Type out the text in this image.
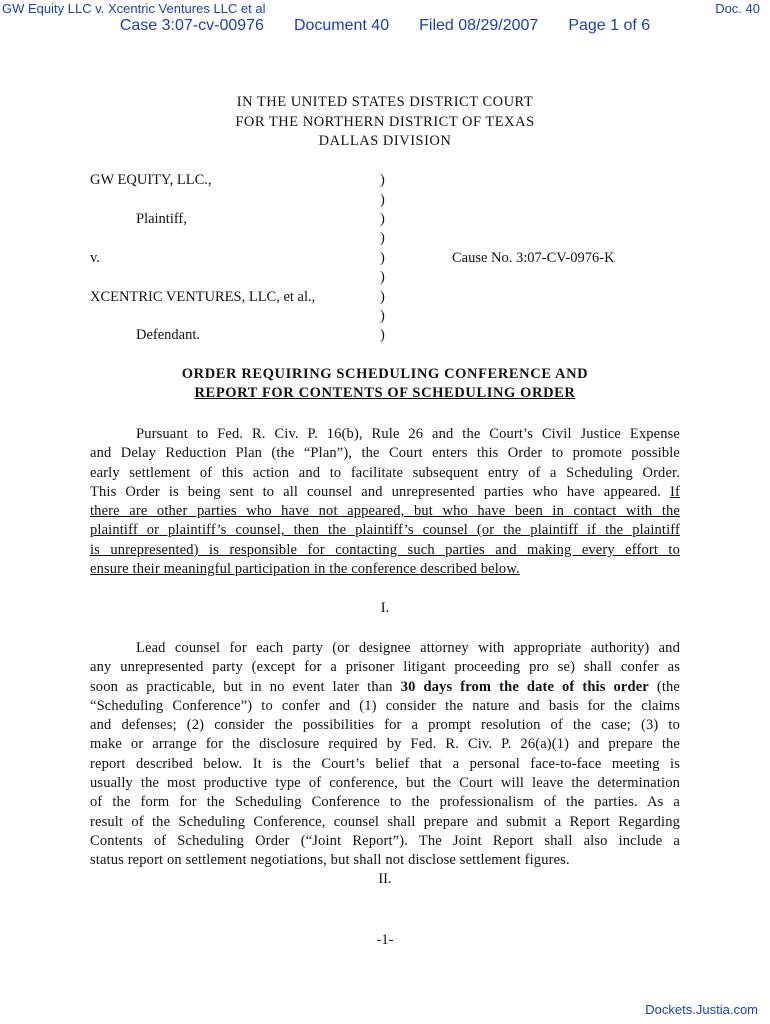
GW Equity LLC v. Xcentric Ventures LLC et al	Doc. 40
Case 3:07-cv-00976 Document 40 Filed 08/29/2007 Page 1 of 6
IN THE UNITED STATES DISTRICT COURT
FOR THE NORTHERN DISTRICT OF TEXAS
DALLAS DIVISION
GW EQUITY, LLC.,
Plaintiff,
v.
XCENTRIC VENTURES, LLC, et al.,
Defendant.
Cause No. 3:07-CV-0976-K
)
)
)
)
)
)
)
)
)
ORDER REQUIRING SCHEDULING CONFERENCE AND
REPORT FOR CONTENTS OF SCHEDULING ORDER
Pursuant to Fed. R. Civ. P. 16(b), Rule 26 and the Court’s Civil Justice Expense
and Delay Reduction Plan (the “Plan”), the Court enters this Order to promote possible
early settlement of this action and to facilitate subsequent entry of a Scheduling Order.
This Order is being sent to all counsel and unrepresented parties who have appeared. If
there are other parties who have not appeared, but who have been in contact with the
plaintiff or plaintiff’s counsel, then the plaintiff’s counsel (or the plaintiff if the plaintiff
is unrepresented) is responsible for contacting such parties and making every effort to
ensure their meaningful participation in the conference described below.
I.
Lead counsel for each party (or designee attorney with appropriate authority) and
any unrepresented party (except for a prisoner litigant proceeding pro se) shall confer as
soon as practicable, but in no event later than 30 days from the date of this order (the
“Scheduling Conference”) to confer and (1) consider the nature and basis for the claims
and defenses; (2) consider the possibilities for a prompt resolution of the case; (3) to
make or arrange for the disclosure required by Fed. R. Civ. P. 26(a)(1) and prepare the
report described below. It is the Court’s belief that a personal face-to-face meeting is
usually the most productive type of conference, but the Court will leave the determination
of the form for the Scheduling Conference to the professionalism of the parties. As a
result of the Scheduling Conference, counsel shall prepare and submit a Report Regarding
Contents of Scheduling Order (“Joint Report”). The Joint Report shall also include a
status report on settlement negotiations, but shall not disclose settlement figures.
II.
-1-
Dockets.Justia.com
